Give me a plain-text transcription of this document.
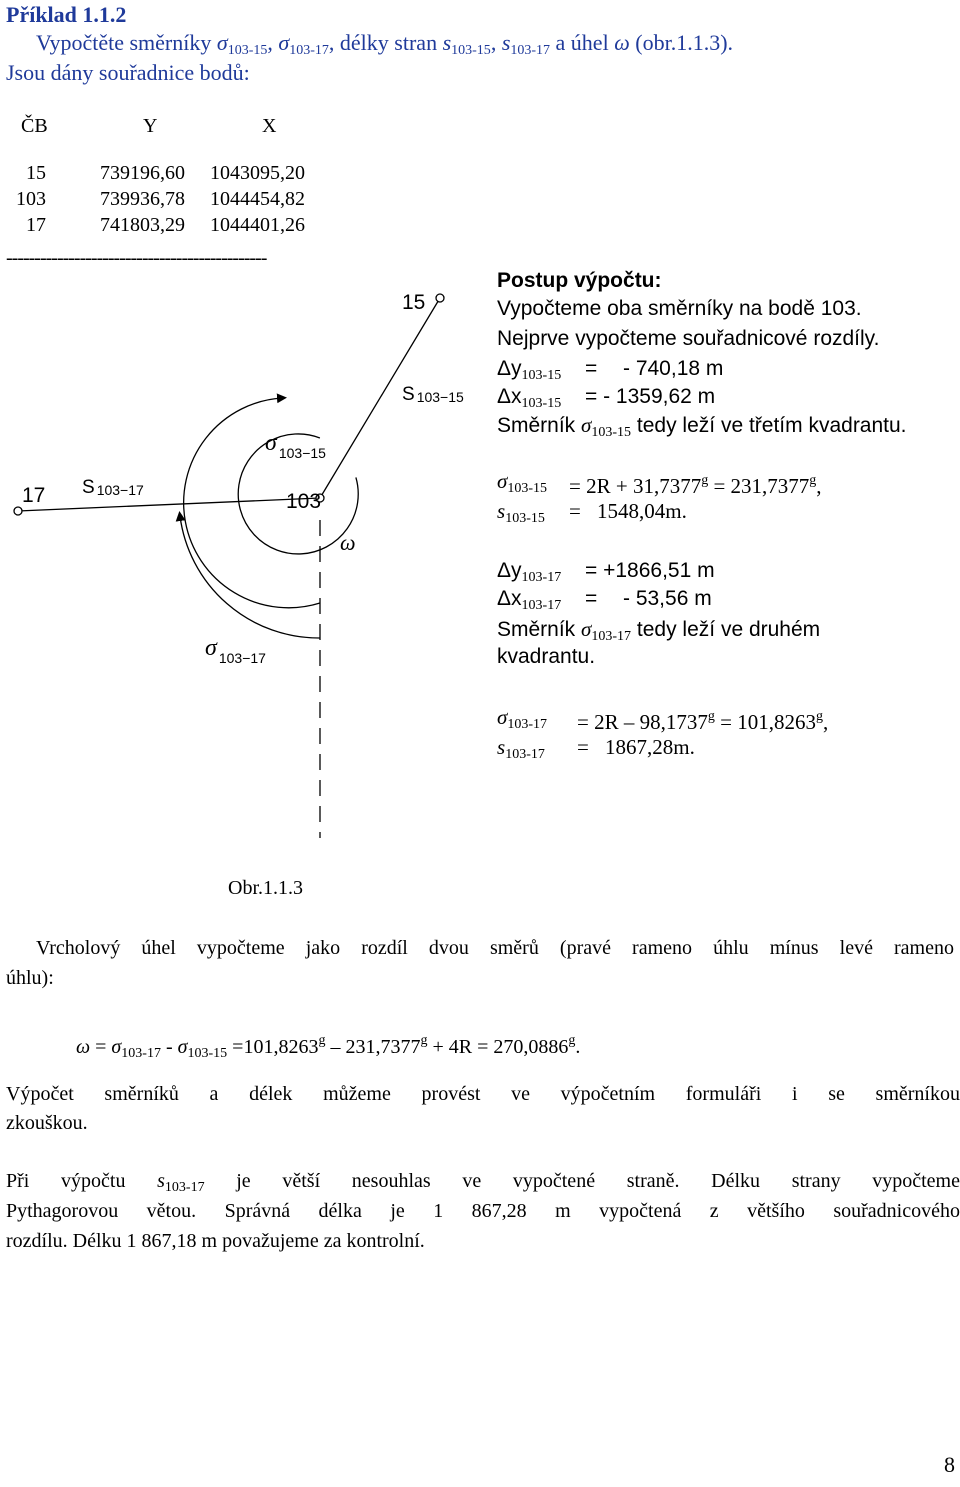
Příklad 1.1.2
Vypočtěte směrníky $\sigma_{103-15}$, $\sigma_{103-17}$, délky stran $s_{103-15}$, $s_{103-17}$ a úhel ω (obr.1.1.3).
Jsou dány souřadnice bodů:
ČB	Y	X
----------------------------------------------
15	739196,60 1043095,20
103	739936,78 1044454,82
17	741803,29 1044401,26
15
17	103
S 103−15
S 103−17
σ $_{103-15}$
σ $_{103-17}$
ω
Obr.1.1.3
Postup výpočtu:
Vypočteme oba směrníky na bodě 103.
Nejprve vypočteme souřadnicové rozdíly.
$\Delta y_{103-15}$ = - 740,18 m
$\Delta x_{103-15}$ = - 1359,62 m
Směrník $\sigma_{103-15}$ tedy leží ve třetím kvadrantu.
$\sigma_{103-15} = 2R + 31,7377^g = 231,7377^g$,
$s_{103-15} = 1548,04m$.
$\Delta y_{103-17} = +1866,51$ m
$\Delta x_{103-17}$ = - 53,56 m
Směrník $\sigma_{103-17}$ tedy leží ve druhém
kvadrantu.
$\sigma_{103-17} = 2R - 98,1737^g = 101,8263^g$,
$s_{103-17} = 1867,28m$.
Vrcholový úhel vypočteme jako rozdíl dvou směrů (pravé rameno úhlu mínus levé rameno
úhlu):
$\omega = \sigma_{103-17} - \sigma_{103-15} =101,8263^g - 231,7377^g + 4R = 270,0886^g$.
Výpočet směrníků a délek můžeme provést ve výpočetním formuláři i se směrníkou
zkouškou.
Při výpočtu $s_{103-17}$ je větší nesouhlas ve vypočtené straně. Délku strany vypočteme
Pythagorovou větou. Správná délka je 1 867,28 m vypočtená z většího souřadnicového
rozdílu. Délku 1 867,18 m považujeme za kontrolní.
8
